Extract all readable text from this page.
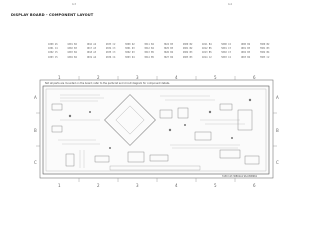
4-3	4-4
DISPLAY BOARD - COMPONENT LAYOUT
1000 A5	1001 B2	2016 A2	2033 C2	3000 D2	3011 B4	3024 B3	4000 B2	4011 B4	5000 C2	6000 B2	7000 B2
1001 C4	1002 B3	2017 A3	2034 C3	3001 D3	3012 B4	3025 B3	4001 B2	4012 B5	5001 C3	6001 B3	7001 B3
1002 C5	1003 B4	2018 A3	2035 C3	3002 D3	3013 B5	3026 B4	4002 B3	4013 B5	5002 C3	6002 B3	7002 B4
1003 C5	1004 B4	2019 A4	2036 C4	3003 D4	3014 B5	3027 B4	4003 B3	4014 C2	5003 C4	6003 B4	7003 C2
1	2	3	4	5	6
1	2	3	4	5	6
A
B
C
A
B
C
Not all parts are mounted on the board; refer to the parts list and circuit diagram for component details.
3139 113 30891A1 96-0308961
